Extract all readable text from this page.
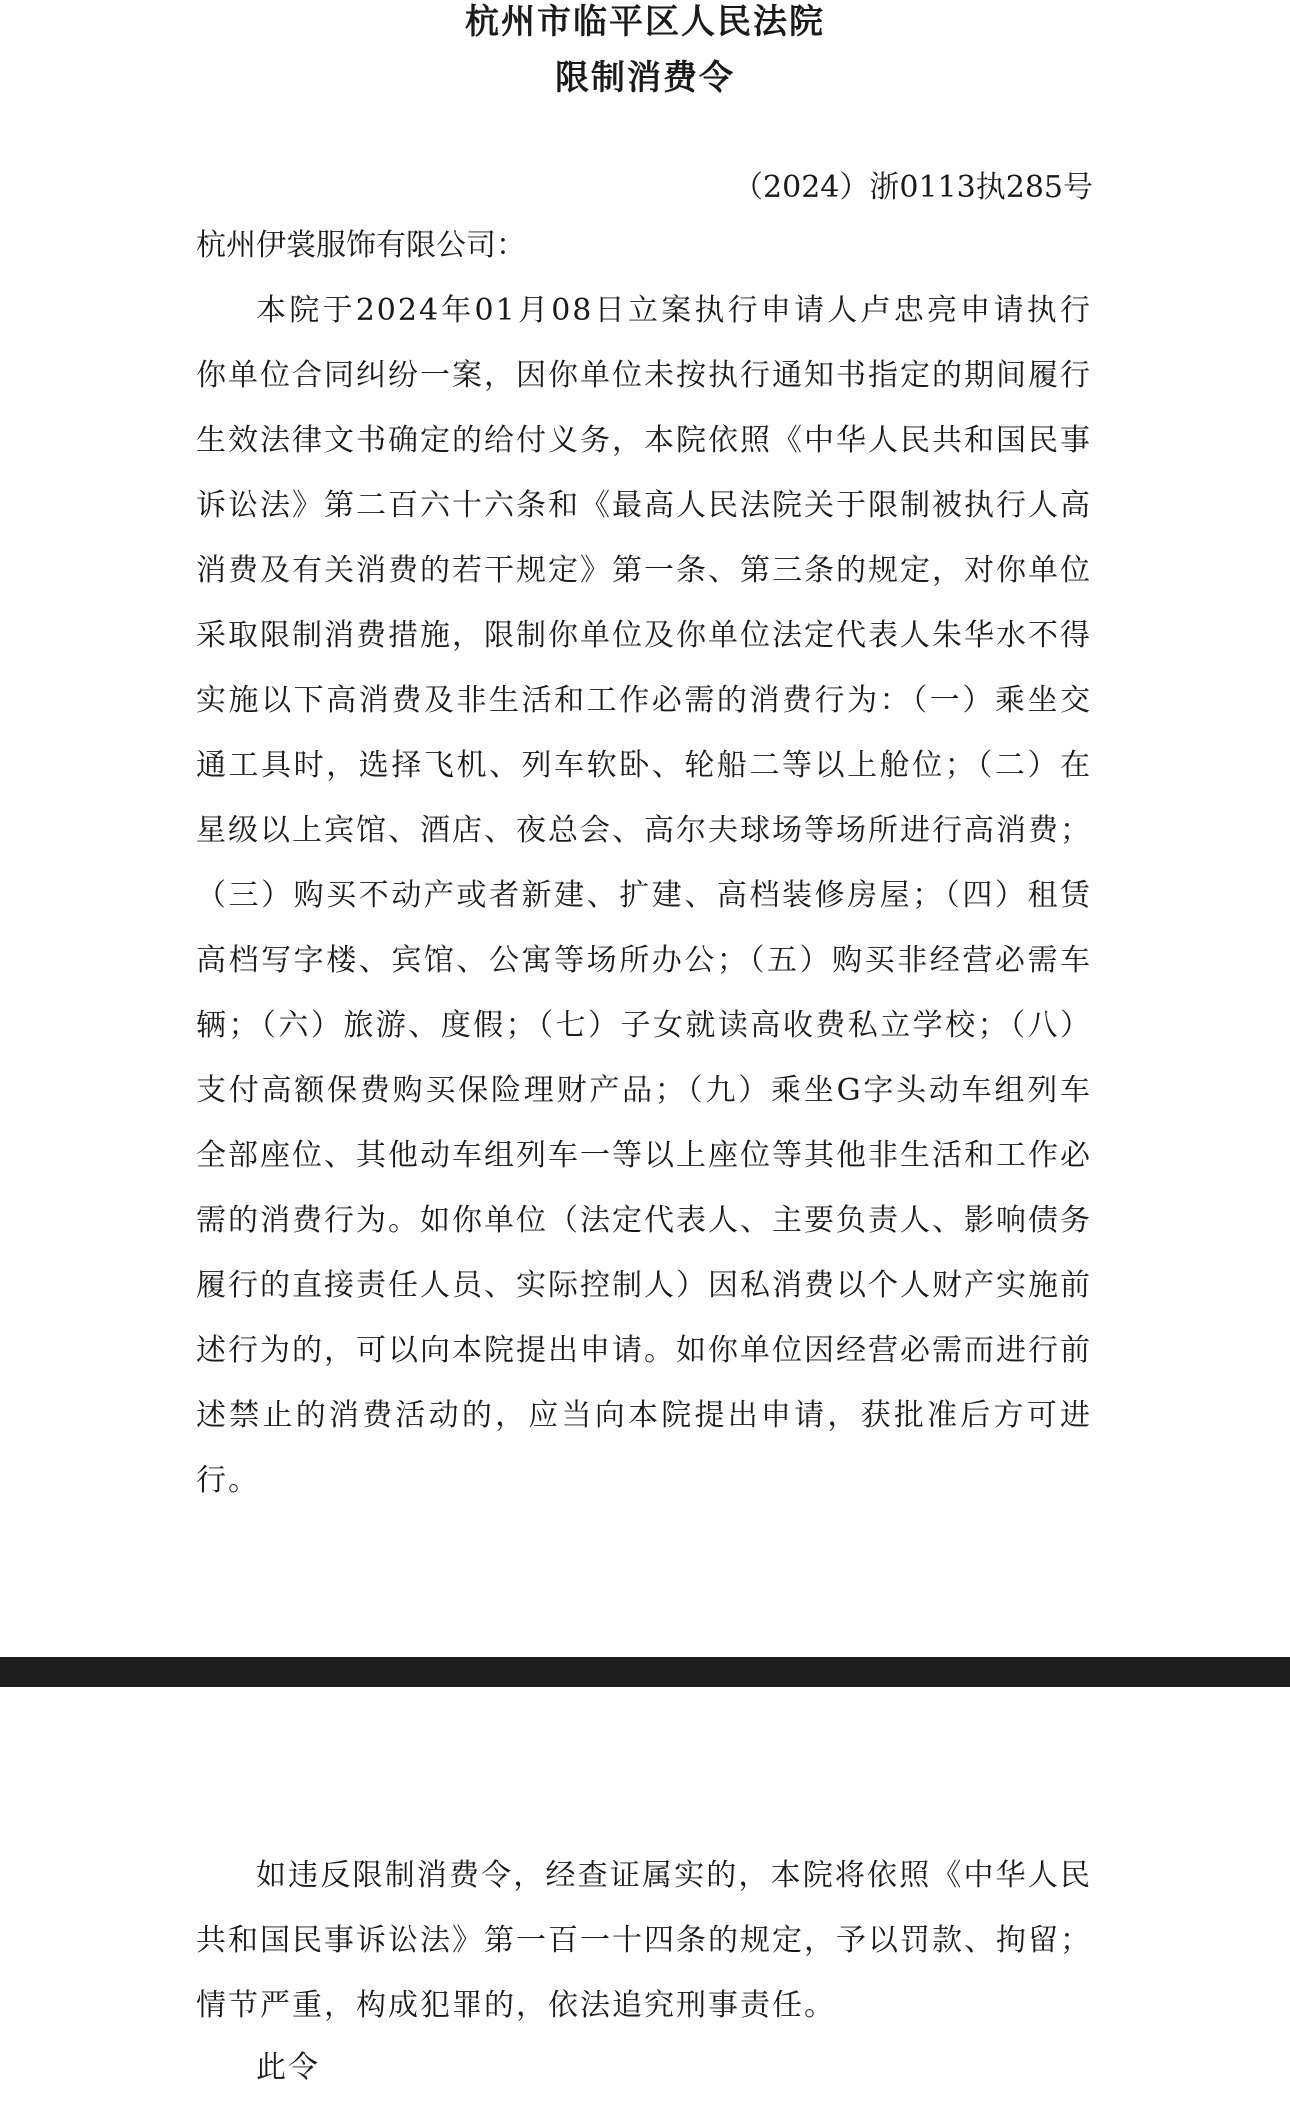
杭州市临平区人民法院
限制消费令
（2024）浙0113执285号
杭州伊裳服饰有限公司：

本院于2024年01月08日立案执行申请人卢忠亮申请执行你单位合同纠纷一案，因你单位未按执行通知书指定的期间履行生效法律文书确定的给付义务，本院依照《中华人民共和国民事诉讼法》第二百六十六条和《最高人民法院关于限制被执行人高消费及有关消费的若干规定》第一条、第三条的规定，对你单位采取限制消费措施，限制你单位及你单位法定代表人朱华水不得实施以下高消费及非生活和工作必需的消费行为：（一）乘坐交通工具时，选择飞机、列车软卧、轮船二等以上舱位；（二）在星级以上宾馆、酒店、夜总会、高尔夫球场等场所进行高消费；（三）购买不动产或者新建、扩建、高档装修房屋；（四）租赁高档写字楼、宾馆、公寓等场所办公；（五）购买非经营必需车辆；（六）旅游、度假；（七）子女就读高收费私立学校；（八）支付高额保费购买保险理财产品；（九）乘坐G字头动车组列车全部座位、其他动车组列车一等以上座位等其他非生活和工作必需的消费行为。如你单位（法定代表人、主要负责人、影响债务履行的直接责任人员、实际控制人）因私消费以个人财产实施前述行为的，可以向本院提出申请。如你单位因经营必需而进行前述禁止的消费活动的，应当向本院提出申请，获批准后方可进行。

如违反限制消费令，经查证属实的，本院将依照《中华人民共和国民事诉讼法》第一百一十四条的规定，予以罚款、拘留；情节严重，构成犯罪的，依法追究刑事责任。

此令
